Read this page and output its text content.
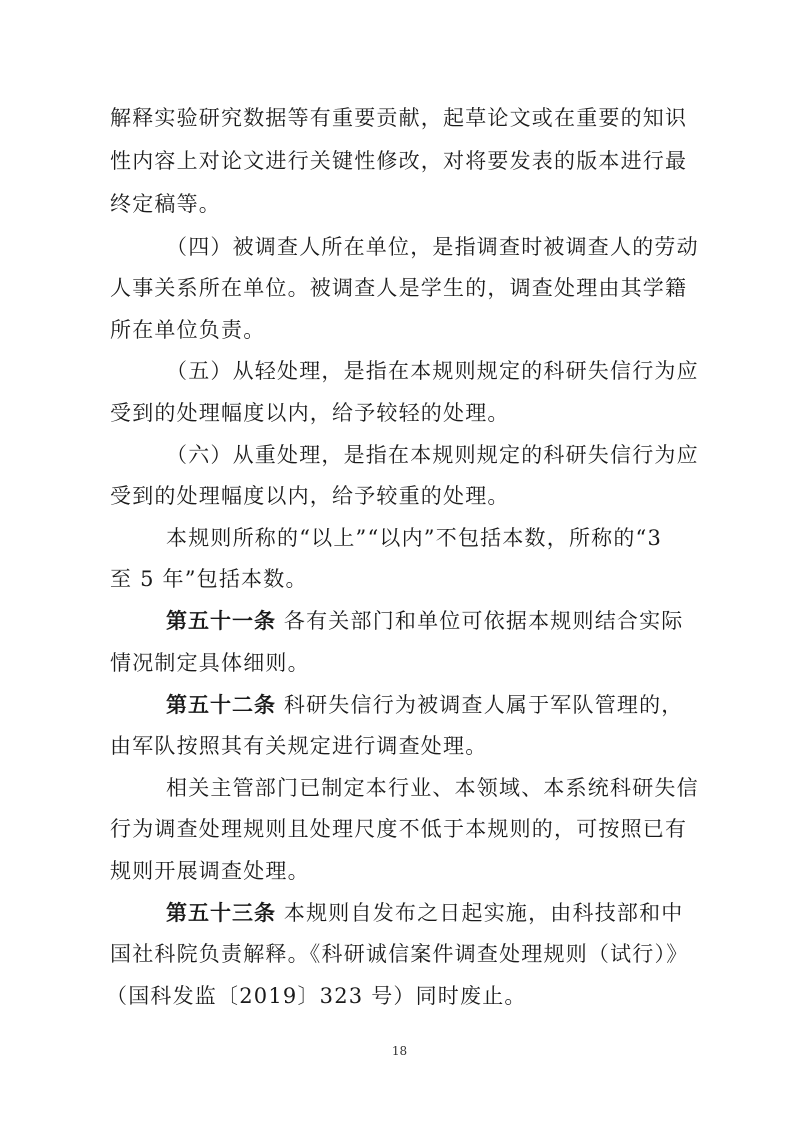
解释实验研究数据等有重要贡献，起草论文或在重要的知识
性内容上对论文进行关键性修改，对将要发表的版本进行最
终定稿等。
（四）被调查人所在单位，是指调查时被调查人的劳动
人事关系所在单位。被调查人是学生的，调查处理由其学籍
所在单位负责。
（五）从轻处理，是指在本规则规定的科研失信行为应
受到的处理幅度以内，给予较轻的处理。
（六）从重处理，是指在本规则规定的科研失信行为应
受到的处理幅度以内，给予较重的处理。
本规则所称的“以上”“以内”不包括本数，所称的“3
至 5 年”包括本数。
第五十一条 各有关部门和单位可依据本规则结合实际
情况制定具体细则。
第五十二条 科研失信行为被调查人属于军队管理的，
由军队按照其有关规定进行调查处理。
相关主管部门已制定本行业、本领域、本系统科研失信
行为调查处理规则且处理尺度不低于本规则的，可按照已有
规则开展调查处理。
第五十三条 本规则自发布之日起实施，由科技部和中
国社科院负责解释。《科研诚信案件调查处理规则（试行）》
（国科发监〔2019〕323 号）同时废止。
18
